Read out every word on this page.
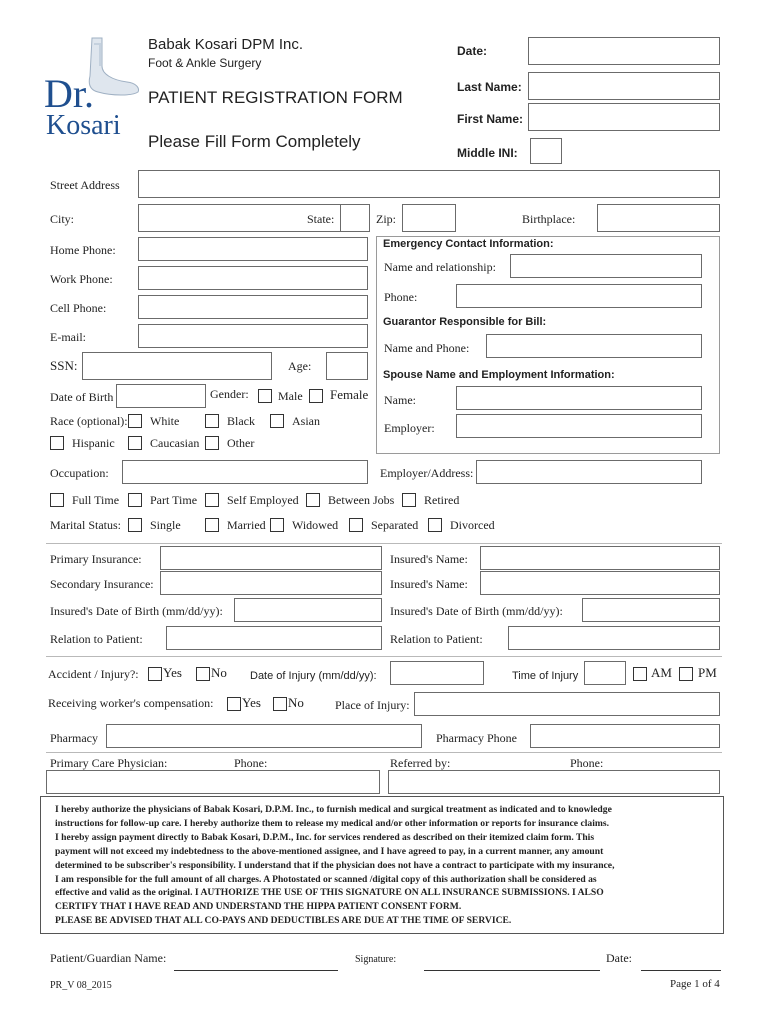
Dr.
Kosari
Babak Kosari DPM Inc.
Foot & Ankle Surgery
PATIENT REGISTRATION FORM
Please Fill Form Completely
Date:
Last Name:
First Name:
Middle INI:
Street Address
City:	State:	Zip:	Birthplace:
Home Phone:
Work Phone:
Cell Phone:
E-mail:
SSN:	Age:
Date of Birth	Gender: Male Female
Race (optional): White	Black	Asian
Hispanic	Caucasian Other
Emergency Contact Information:
Name and relationship:
Phone:
Guarantor Responsible for Bill:
Name and Phone:
Spouse Name and Employment Information:
Name:
Employer:
Occupation:	Employer/Address:
Full Time	Part Time Self Employed Between Jobs Retired
Marital Status: Single	Married Widowed	Separated	Divorced
Primary Insurance:	Insured's Name:
Secondary Insurance:	Insured's Name:
Insured's Date of Birth (mm/dd/yy):	Insured's Date of Birth (mm/dd/yy):
Relation to Patient:	Relation to Patient:
Accident / Injury?: Yes No Date of Injury (mm/dd/yy):	Time of Injury	AM PM
Receiving worker's compensation: Yes No	Place of Injury:
Pharmacy	Pharmacy Phone
Primary Care Physician:	Phone:	Referred by:	Phone:
I hereby authorize the physicians of Babak Kosari, D.P.M. Inc., to furnish medical and surgical treatment as indicated and to knowledge
instructions for follow-up care. I hereby authorize them to release my medical and/or other information or reports for insurance claims.
I hereby assign payment directly to Babak Kosari, D.P.M., Inc. for services rendered as described on their itemized claim form. This
payment will not exceed my indebtedness to the above-mentioned assignee, and I have agreed to pay, in a current manner, any amount
determined to be subscriber's responsibility. I understand that if the physician does not have a contract to participate with my insurance,
I am responsible for the full amount of all charges. A Photostated or scanned /digital copy of this authorization shall be considered as
effective and valid as the original. I AUTHORIZE THE USE OF THIS SIGNATURE ON ALL INSURANCE SUBMISSIONS. I ALSO
CERTIFY THAT I HAVE READ AND UNDERSTAND THE HIPPA PATIENT CONSENT FORM.
PLEASE BE ADVISED THAT ALL CO-PAYS AND DEDUCTIBLES ARE DUE AT THE TIME OF SERVICE.
Patient/Guardian Name:	Signature:	Date:
PR_V 08_2015	Page 1 of 4
